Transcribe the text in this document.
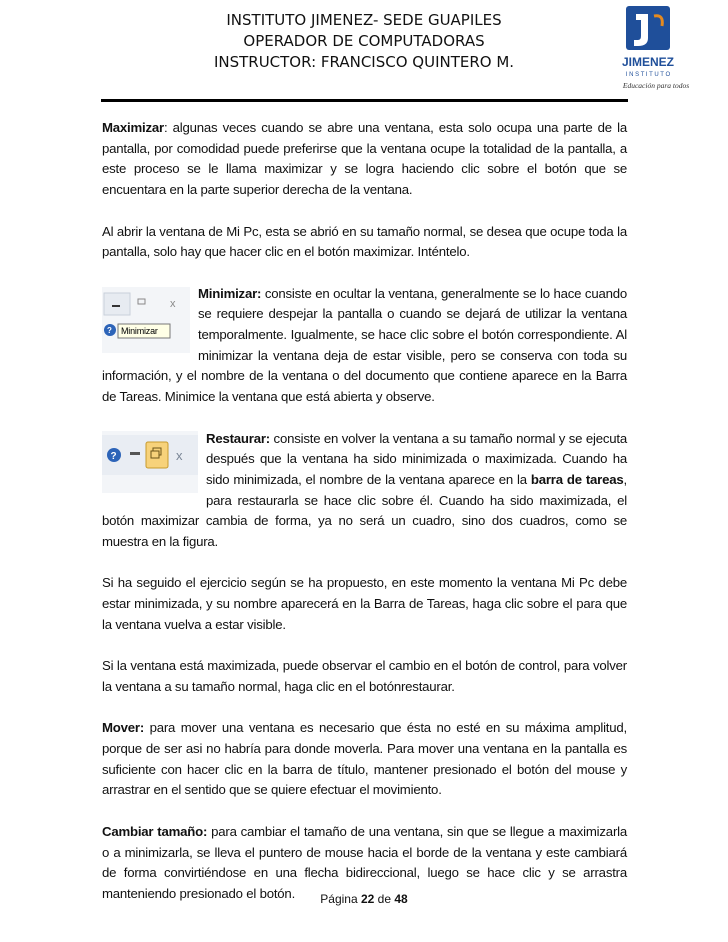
INSTITUTO JIMENEZ- SEDE GUAPILES
OPERADOR DE COMPUTADORAS
INSTRUCTOR: FRANCISCO QUINTERO M.	JIMENEZ
I N S T I T U T O
Educación para todos

Maximizar: algunas veces cuando se abre una ventana, esta solo ocupa una parte de la pantalla, por comodidad puede preferirse que la ventana ocupe la totalidad de la pantalla, a este proceso se le llama maximizar y se logra haciendo clic sobre el botón que se encuentara en la parte superior derecha de la ventana.

Al abrir la ventana de Mi Pc, esta se abrió en su tamaño normal, se desea que ocupe toda la pantalla, solo hay que hacer clic en el botón maximizar. Inténtelo.

x
? Minimizar
Minimizar: consiste en ocultar la ventana, generalmente se lo hace cuando se requiere despejar la pantalla o cuando se dejará de utilizar la ventana temporalmente. Igualmente, se hace clic sobre el botón correspondiente. Al minimizar la ventana deja de estar visible, pero se conserva con toda su información, y el nombre de la ventana o del documento que contiene aparece en la Barra de Tareas. Minimice la ventana que está abierta y observe.

?	x
Restaurar: consiste en volver la ventana a su tamaño normal y se ejecuta después que la ventana ha sido minimizada o maximizada. Cuando ha sido minimizada, el nombre de la ventana aparece en la barra de tareas, para restaurarla se hace clic sobre él. Cuando ha sido maximizada, el botón maximizar cambia de forma, ya no será un cuadro, sino dos cuadros, como se muestra en la figura.

Si ha seguido el ejercicio según se ha propuesto, en este momento la ventana Mi Pc debe estar minimizada, y su nombre aparecerá en la Barra de Tareas, haga clic sobre el para que la ventana vuelva a estar visible.

Si la ventana está maximizada, puede observar el cambio en el botón de control, para volver la ventana a su tamaño normal, haga clic en el botónrestaurar.

Mover: para mover una ventana es necesario que ésta no esté en su máxima amplitud, porque de ser asi no habría para donde moverla. Para mover una ventana en la pantalla es suficiente con hacer clic en la barra de título, mantener presionado el botón del mouse y arrastrar en el sentido que se quiere efectuar el movimiento.

Cambiar tamaño: para cambiar el tamaño de una ventana, sin que se llegue a maximizarla o a minimizarla, se lleva el puntero de mouse hacia el borde de la ventana y este cambiará de forma convirtiéndose en una flecha bidireccional, luego se hace clic y se arrastra manteniendo presionado el botón.	Página 22 de 48
